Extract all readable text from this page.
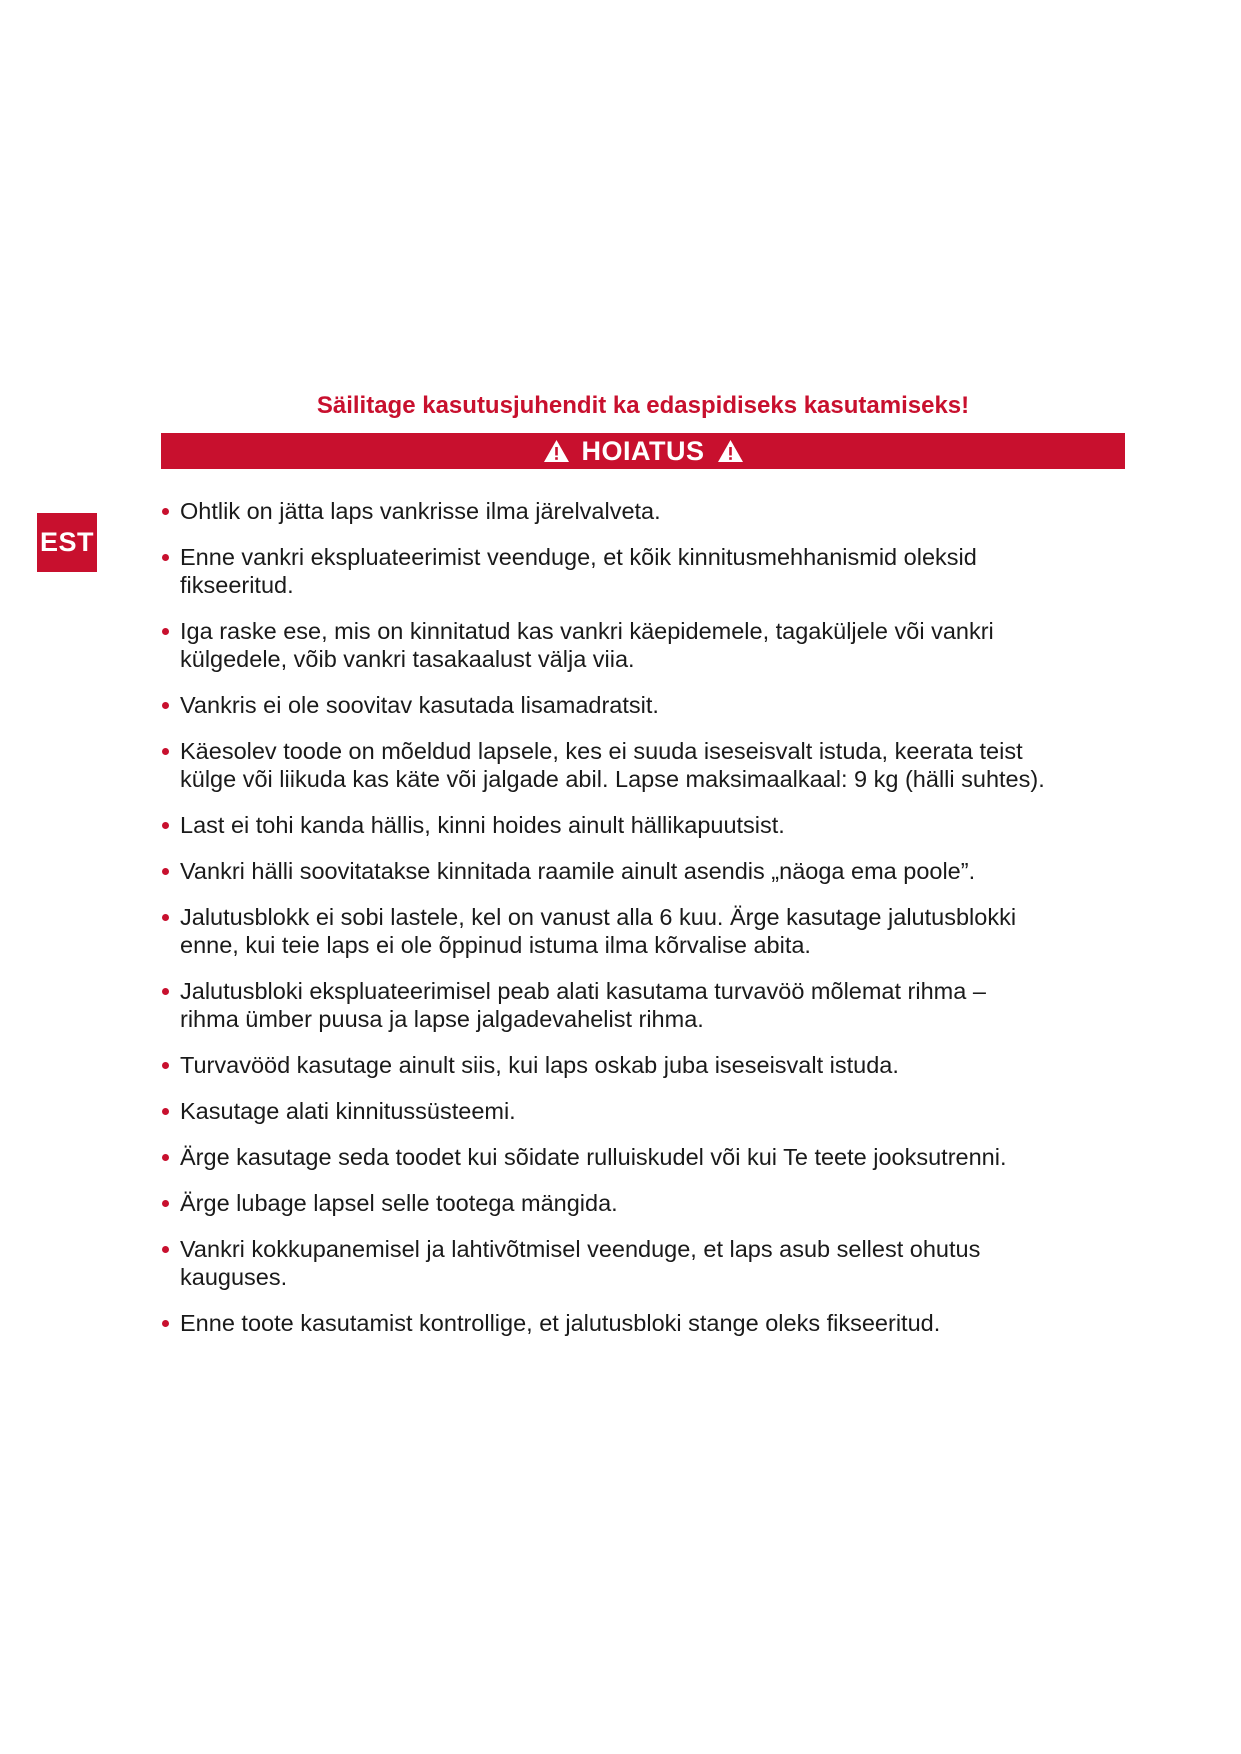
EST
Säilitage kasutusjuhendit ka edaspidiseks kasutamiseks!
HOIATUS
Ohtlik on jätta laps vankrisse ilma järelvalveta.
Enne vankri ekspluateerimist veenduge, et kõik kinnitusmehhanismid oleksid
fikseeritud.
Iga raske ese, mis on kinnitatud kas vankri käepidemele, tagaküljele või vankri
külgedele, võib vankri tasakaalust välja viia.
Vankris ei ole soovitav kasutada lisamadratsit.
Käesolev toode on mõeldud lapsele, kes ei suuda iseseisvalt istuda, keerata teist
külge või liikuda kas käte või jalgade abil. Lapse maksimaalkaal: 9 kg (hälli suhtes).
Last ei tohi kanda hällis, kinni hoides ainult hällikapuutsist.
Vankri hälli soovitatakse kinnitada raamile ainult asendis „näoga ema poole”.
Jalutusblokk ei sobi lastele, kel on vanust alla 6 kuu. Ärge kasutage jalutusblokki
enne, kui teie laps ei ole õppinud istuma ilma kõrvalise abita.
Jalutusbloki ekspluateerimisel peab alati kasutama turvavöö mõlemat rihma –
rihma ümber puusa ja lapse jalgadevahelist rihma.
Turvavööd kasutage ainult siis, kui laps oskab juba iseseisvalt istuda.
Kasutage alati kinnitussüsteemi.
Ärge kasutage seda toodet kui sõidate rulluiskudel või kui Te teete jooksutrenni.
Ärge lubage lapsel selle tootega mängida.
Vankri kokkupanemisel ja lahtivõtmisel veenduge, et laps asub sellest ohutus
kauguses.
Enne toote kasutamist kontrollige, et jalutusbloki stange oleks fikseeritud.
